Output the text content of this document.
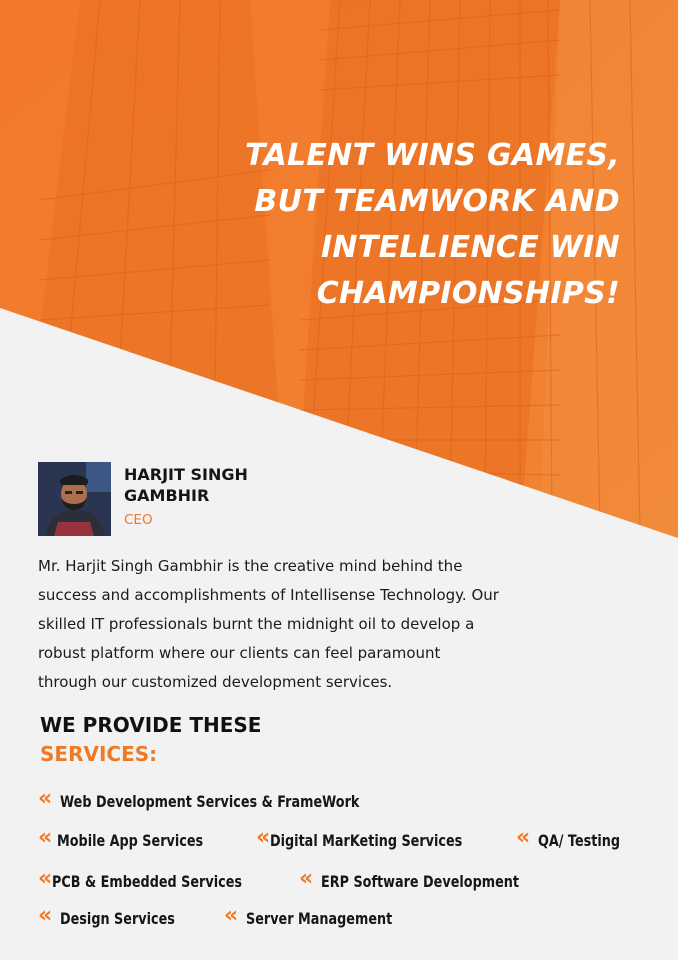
TALENT WINS GAMES,
BUT TEAMWORK AND
INTELLIENCE WIN
CHAMPIONSHIPS!
HARJIT SINGH GAMBHIR
CEO
Mr. Harjit Singh Gambhir is the creative mind behind the
success and accomplishments of Intellisense Technology. Our
skilled IT professionals burnt the midnight oil to develop a
robust platform where our clients can feel paramount
through our customized development services.
WE PROVIDE THESE
SERVICES:
« Web Development Services & FrameWork
« Mobile App Services « Digital MarKeting Services « QA/ Testing
« PCB & Embedded Services	« ERP Software Development
« Design Services « Server Management
